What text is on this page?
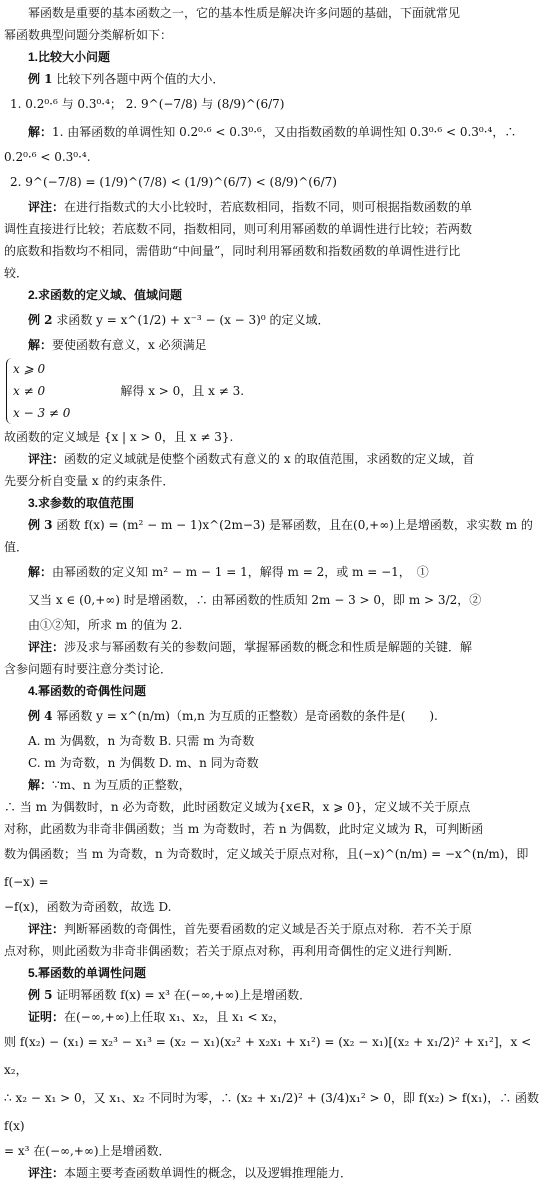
幂函数是重要的基本函数之一，它的基本性质是解决许多问题的基础，下面就常见

幂函数典型问题分类解析如下：

1.比较大小问题

例 1 比较下列各题中两个值的大小．

1. 0.2⁰·⁶ 与 0.3⁰·⁴； 2. 9^(−7/8) 与 (8/9)^(6/7)

解：1. 由幂函数的单调性知 0.2⁰·⁶ < 0.3⁰·⁶，又由指数函数的单调性知 0.3⁰·⁶ < 0.3⁰·⁴，∴

0.2⁰·⁶ < 0.3⁰·⁴.

2. 9^(−7/8) = (1/9)^(7/8) < (1/9)^(6/7) < (8/9)^(6/7)

评注：在进行指数式的大小比较时，若底数相同，指数不同，则可根据指数函数的单

调性直接进行比较；若底数不同，指数相同，则可利用幂函数的单调性进行比较；若两数

的底数和指数均不相同，需借助“中间量”，同时利用幂函数和指数函数的单调性进行比

较．

2.求函数的定义域、值域问题

例 2 求函数 y = x^(1/2) + x⁻³ − (x − 3)⁰ 的定义域．

解：要使函数有意义，x 必须满足

x ⩾ 0

x ≠ 0

x − 3 ≠ 0

解得 x > 0，且 x ≠ 3.

故函数的定义域是 {x | x > 0，且 x ≠ 3}.

评注：函数的定义域就是使整个函数式有意义的 x 的取值范围，求函数的定义域，首

先要分析自变量 x 的约束条件．

3.求参数的取值范围

例 3 函数 f(x) = (m² − m − 1)x^(2m−3) 是幂函数，且在(0,+∞)上是增函数，求实数 m 的

值．

解：由幂函数的定义知 m² − m − 1 = 1，解得 m = 2，或 m = −1，　①

又当 x ∈ (0,+∞) 时是增函数，∴ 由幂函数的性质知 2m − 3 > 0，即 m > 3/2，②

由①②知，所求 m 的值为 2.

评注：涉及求与幂函数有关的参数问题，掌握幂函数的概念和性质是解题的关键．解

含参问题有时要注意分类讨论．

4.幂函数的奇偶性问题

例 4 幂函数 y = x^(n/m)（m,n 为互质的正整数）是奇函数的条件是(　　).

A. m 为偶数，n 为奇数 B. 只需 m 为奇数

C. m 为奇数，n 为偶数 D. m、n 同为奇数

解：∵m、n 为互质的正整数，

∴ 当 m 为偶数时，n 必为奇数，此时函数定义域为{x∈R，x ⩾ 0}，定义域不关于原点

对称，此函数为非奇非偶函数；当 m 为奇数时，若 n 为偶数，此时定义域为 R，可判断函

数为偶函数；当 m 为奇数，n 为奇数时，定义域关于原点对称，且(−x)^(n/m) = −x^(n/m)，即 f(−x) =

−f(x)，函数为奇函数，故选 D.

评注：判断幂函数的奇偶性，首先要看函数的定义域是否关于原点对称．若不关于原

点对称，则此函数为非奇非偶函数；若关于原点对称，再利用奇偶性的定义进行判断．

5.幂函数的单调性问题

例 5 证明幂函数 f(x) = x³ 在(−∞,+∞)上是增函数．

证明：在(−∞,+∞)上任取 x₁、x₂，且 x₁ < x₂，

则 f(x₂) − (x₁) = x₂³ − x₁³ = (x₂ − x₁)(x₂² + x₂x₁ + x₁²) = (x₂ − x₁)[(x₂ + x₁/2)² + x₁²]，x < x₂，

∴ x₂ − x₁ > 0，又 x₁、x₂ 不同时为零，∴ (x₂ + x₁/2)² + (3/4)x₁² > 0，即 f(x₂) > f(x₁)，∴ 函数 f(x)

= x³ 在(−∞,+∞)上是增函数．

评注：本题主要考查函数单调性的概念，以及逻辑推理能力．
